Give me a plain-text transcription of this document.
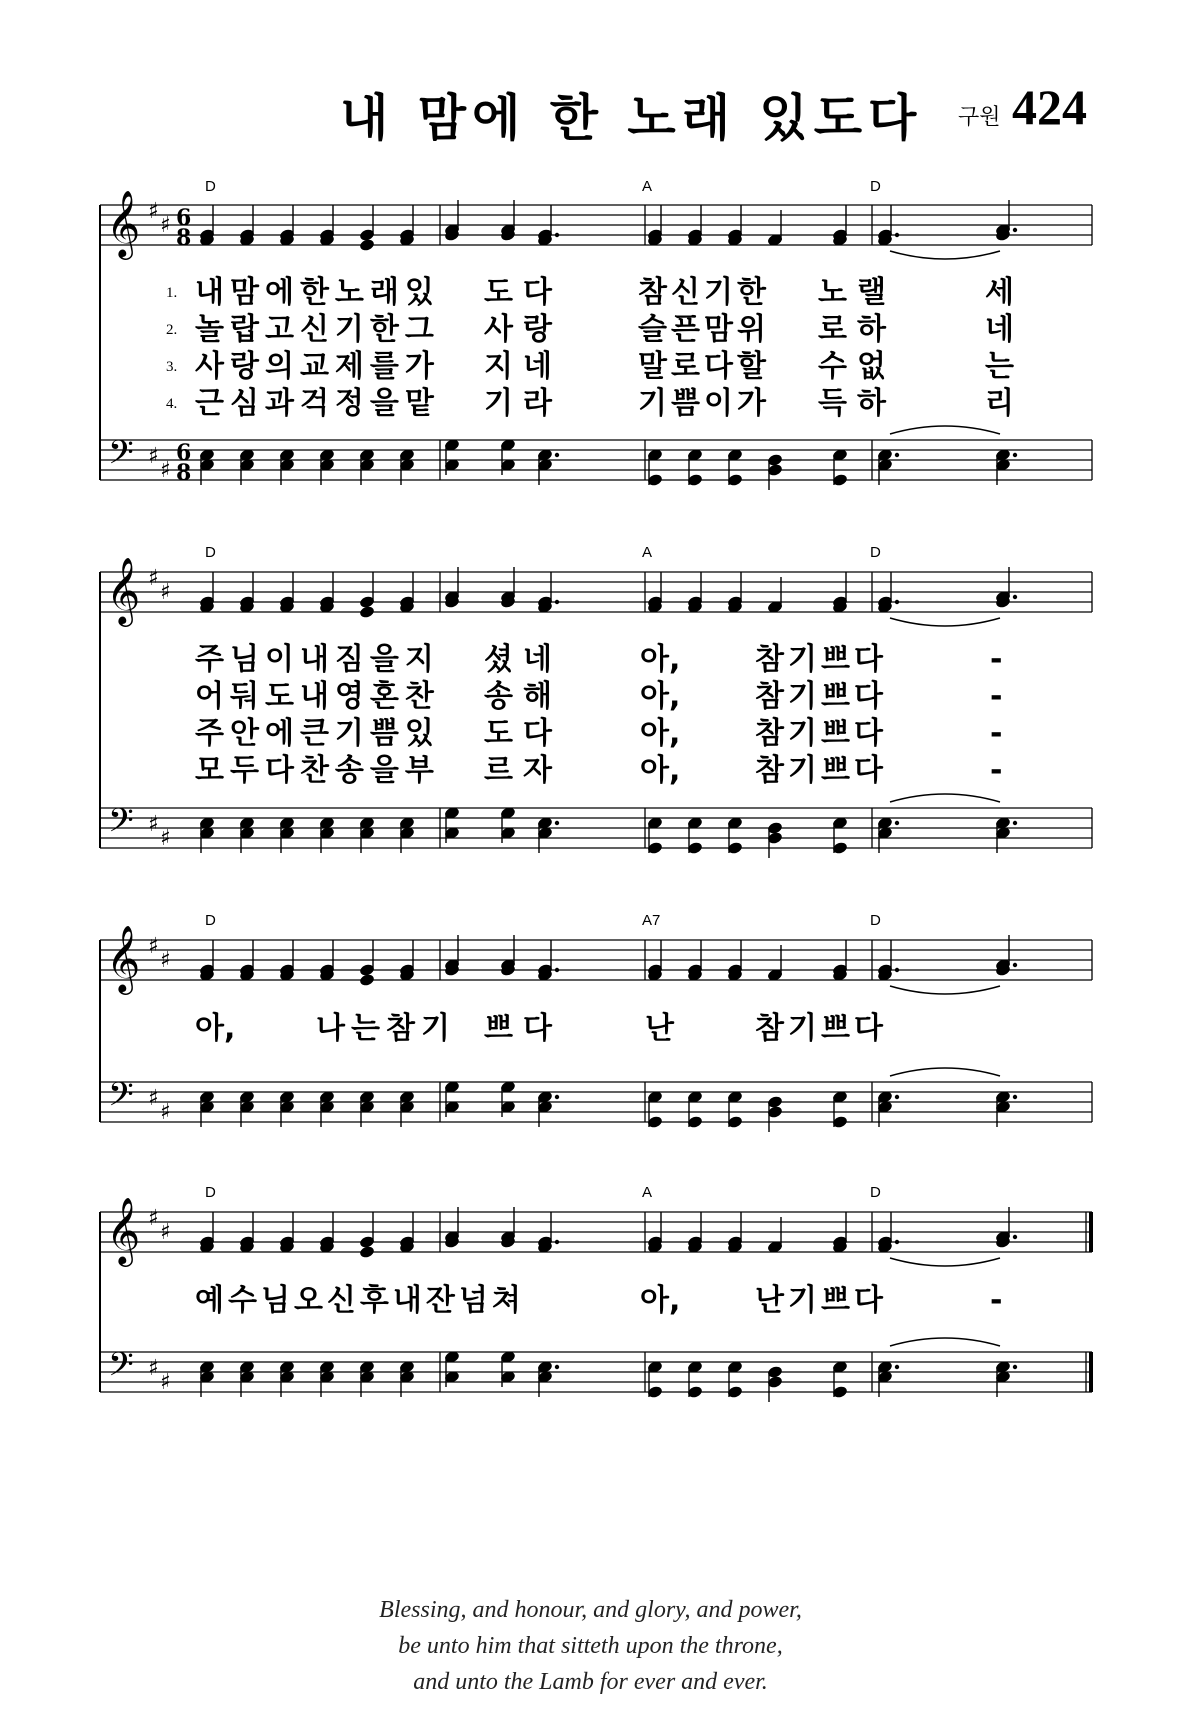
내 맘에 한 노래 있도다 구원 424
𝄞 ♯
♯
𝄢 ♯
♯
6
8
6
8
𝄞 ♯
♯
𝄢 ♯
♯
𝄞 ♯
♯
𝄢 ♯
♯
𝄞 ♯
♯
𝄢 ♯
♯
D	A	D
1.
2.
3.
4.
내맘에한노래있 도다	참신기한 노랠	세
놀랍고신기한그 사랑	슬픈맘위 로하	네
사랑의교제를가 지네	말로다할 수없	는
근심과걱정을맡 기라	기쁨이가 득하	리
D	A	D
주님이내짐을지 셨네	아, 참기쁘다	-
어둬도내영혼찬 송해	아, 참기쁘다	-
주안에큰기쁨있 도다	아, 참기쁘다	-
모두다찬송을부 르자	아, 참기쁘다	-
D	A7	D
아,	나는참기 쁘다	난	참기쁘다
D	A	D
예수님오신후내잔넘쳐	아, 난기쁘다	-
Blessing, and honour, and glory, and power,
be unto him that sitteth upon the throne,
and unto the Lamb for ever and ever.
